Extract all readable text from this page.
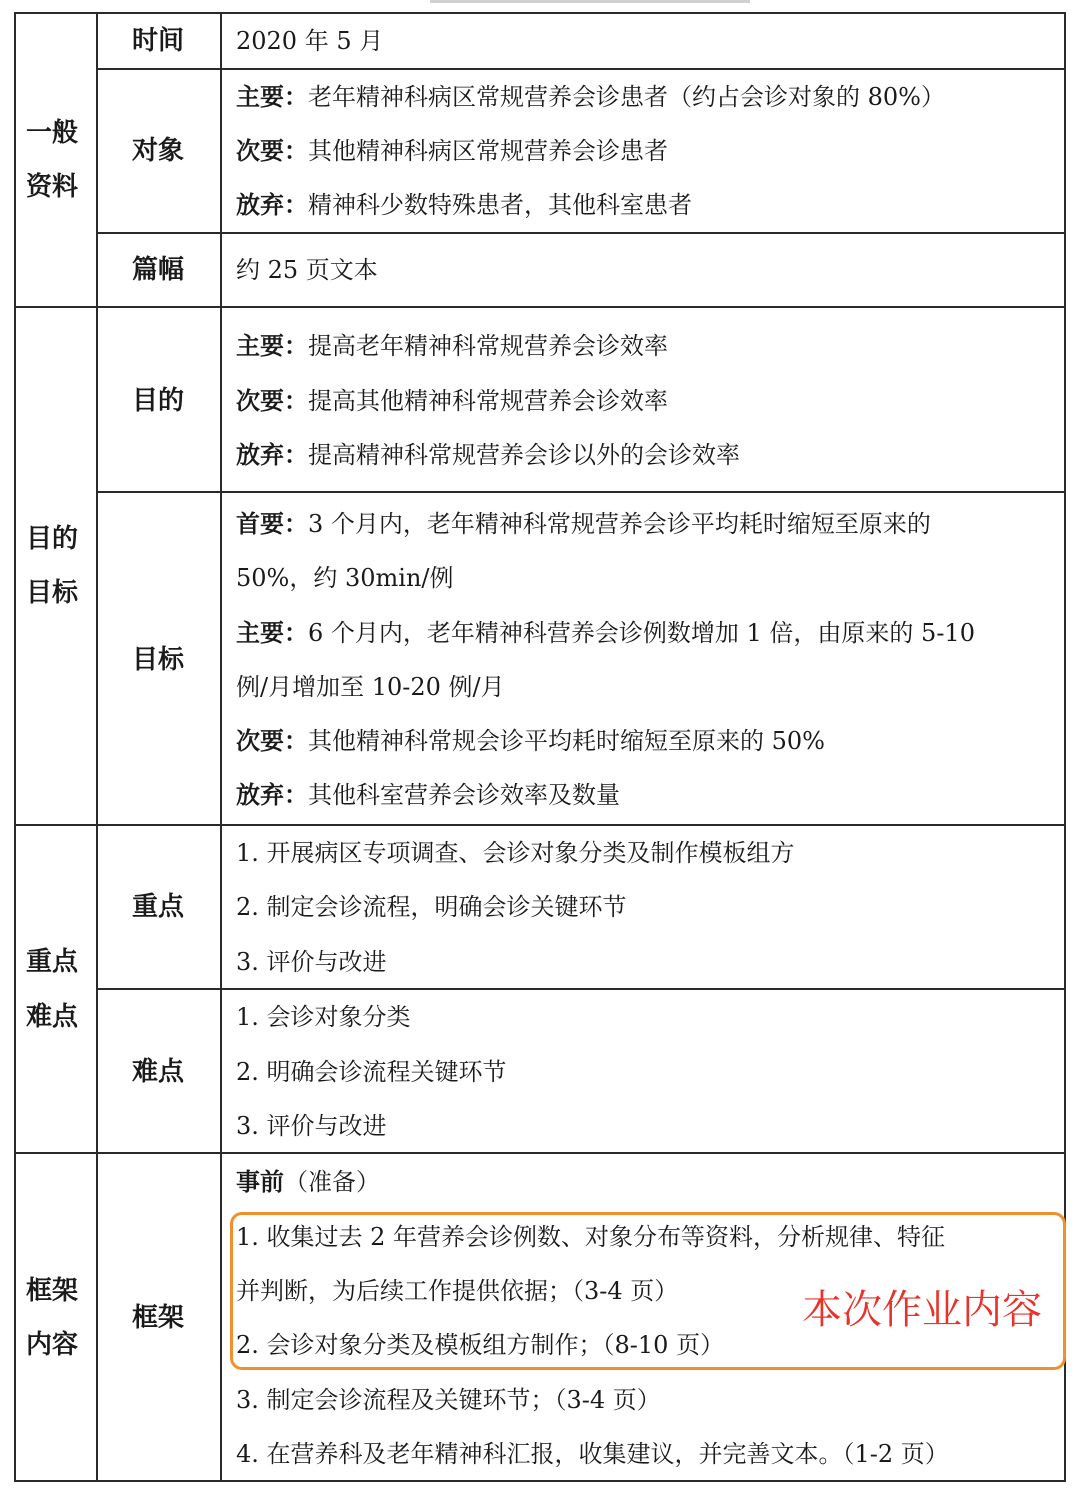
一般
资料
时间 2020 年 5 月
对象
主要：老年精神科病区常规营养会诊患者（约占会诊对象的 80%）
次要：其他精神科病区常规营养会诊患者
放弃：精神科少数特殊患者，其他科室患者
篇幅 约 25 页文本
目的
目标
目的
主要：提高老年精神科常规营养会诊效率
次要：提高其他精神科常规营养会诊效率
放弃：提高精神科常规营养会诊以外的会诊效率
目标
首要：3 个月内，老年精神科常规营养会诊平均耗时缩短至原来的
50%，约 30min/例
主要：6 个月内，老年精神科营养会诊例数增加 1 倍，由原来的 5-10
例/月增加至 10-20 例/月
次要：其他精神科常规会诊平均耗时缩短至原来的 50%
放弃：其他科室营养会诊效率及数量
重点
难点
重点
1. 开展病区专项调查、会诊对象分类及制作模板组方
2. 制定会诊流程，明确会诊关键环节
3. 评价与改进
难点
1. 会诊对象分类
2. 明确会诊流程关键环节
3. 评价与改进
框架
内容
框架
事前（准备）
1. 收集过去 2 年营养会诊例数、对象分布等资料，分析规律、特征
并判断，为后续工作提供依据；（3-4 页）
2. 会诊对象分类及模板组方制作；（8-10 页）
3. 制定会诊流程及关键环节；（3-4 页）
4. 在营养科及老年精神科汇报，收集建议，并完善文本。（1-2 页）
本次作业内容
